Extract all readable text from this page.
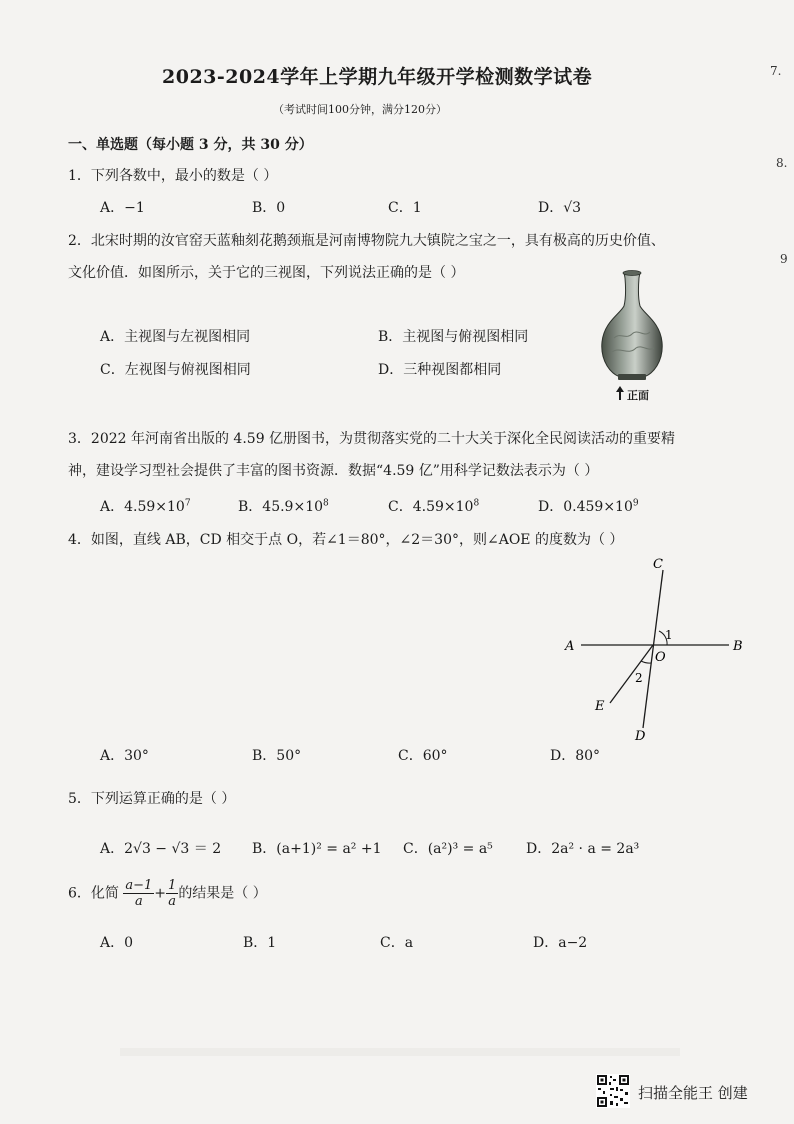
2023-2024学年上学期九年级开学检测数学试卷
（考试时间100分钟，满分120分）
7.
8.
9
一、单选题（每小题 3 分，共 30 分）
1．下列各数中，最小的数是（ ）
A．−1	B．0	C．1	D．√3
2．北宋时期的汝官窑天蓝釉刻花鹅颈瓶是河南博物院九大镇院之宝之一，具有极高的历史价值、
文化价值．如图所示，关于它的三视图，下列说法正确的是（ ）
A．主视图与左视图相同	B．主视图与俯视图相同
C．左视图与俯视图相同	D．三种视图都相同
正面
3．2022 年河南省出版的 4.59 亿册图书，为贯彻落实党的二十大关于深化全民阅读活动的重要精
神，建设学习型社会提供了丰富的图书资源．数据“4.59 亿”用科学记数法表示为（ ）
A．$4.59\times 10^7$	B．$45.9\times 10^8$	C．$4.59\times 10^8$	D．$0.459\times 10^9$
4．如图，直线 AB，CD 相交于点 O，若∠1＝80°，∠2＝30°，则∠AOE 的度数为（ ）
C
A	B
O
1
2
E
D
A．30°	B．50°	C．60°	D．80°
5．下列运算正确的是（ ）
A．2√3 − √3 ＝ 2 B．(a+1)² = a² +1 C．(a²)³ = a⁵ D．2a² · a = 2a³
6．化简 $\frac{a-1}{a} + \frac{1}{a}$ 的结果是（ ）
A．0	B．1	C．a	D．a−2
扫描全能王 创建
